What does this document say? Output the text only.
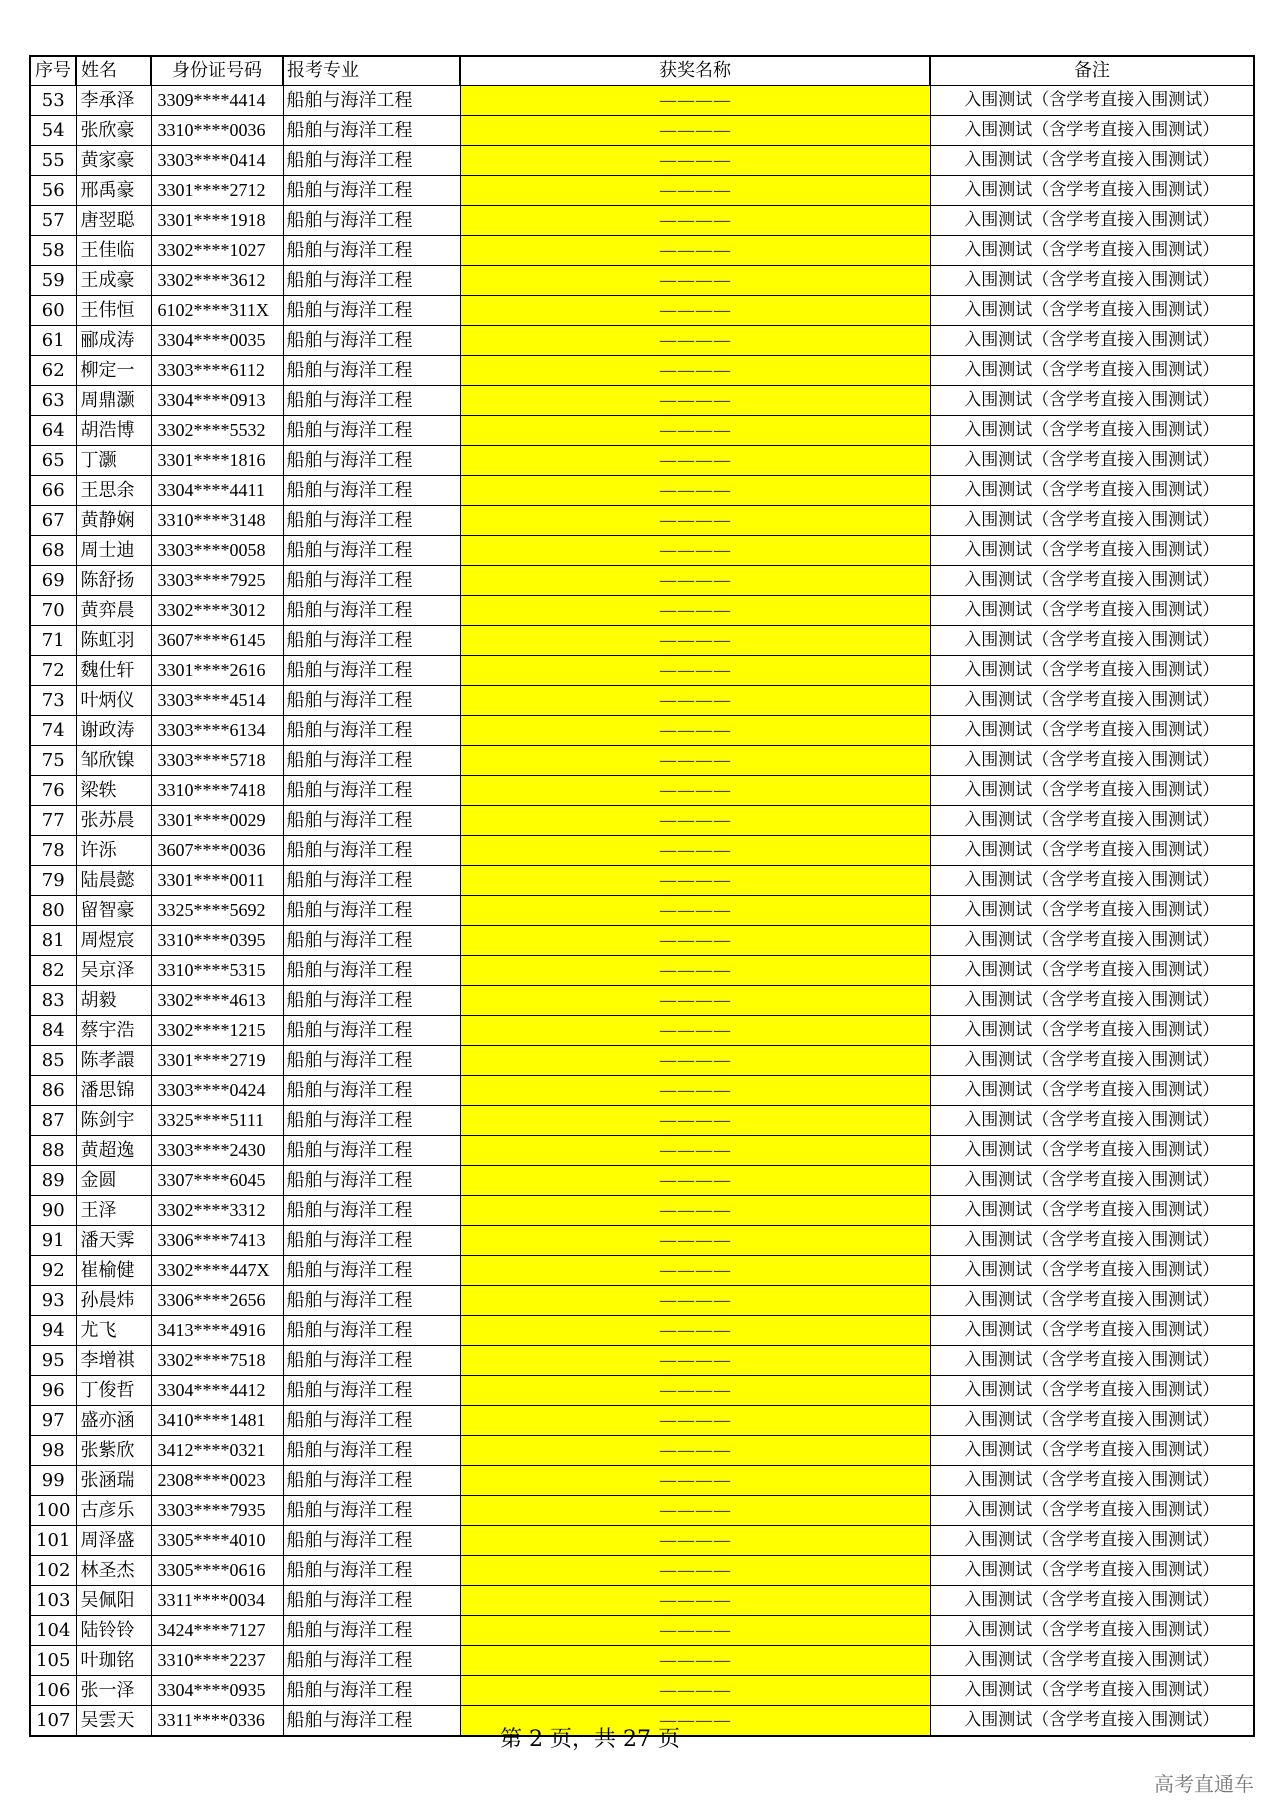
序号	姓名	身份证号码	报考专业	获奖名称	备注
53	李承泽	3309****4414	船舶与海洋工程	————	入围测试（含学考直接入围测试）
54	张欣豪	3310****0036	船舶与海洋工程	————	入围测试（含学考直接入围测试）
55	黄家豪	3303****0414	船舶与海洋工程	————	入围测试（含学考直接入围测试）
56	邢禹豪	3301****2712	船舶与海洋工程	————	入围测试（含学考直接入围测试）
57	唐翌聪	3301****1918	船舶与海洋工程	————	入围测试（含学考直接入围测试）
58	王佳临	3302****1027	船舶与海洋工程	————	入围测试（含学考直接入围测试）
59	王成豪	3302****3612	船舶与海洋工程	————	入围测试（含学考直接入围测试）
60	王伟恒	6102****311X	船舶与海洋工程	————	入围测试（含学考直接入围测试）
61	郦成涛	3304****0035	船舶与海洋工程	————	入围测试（含学考直接入围测试）
62	柳定一	3303****6112	船舶与海洋工程	————	入围测试（含学考直接入围测试）
63	周鼎灏	3304****0913	船舶与海洋工程	————	入围测试（含学考直接入围测试）
64	胡浩博	3302****5532	船舶与海洋工程	————	入围测试（含学考直接入围测试）
65	丁灏	3301****1816	船舶与海洋工程	————	入围测试（含学考直接入围测试）
66	王思余	3304****4411	船舶与海洋工程	————	入围测试（含学考直接入围测试）
67	黄静娴	3310****3148	船舶与海洋工程	————	入围测试（含学考直接入围测试）
68	周士迪	3303****0058	船舶与海洋工程	————	入围测试（含学考直接入围测试）
69	陈舒扬	3303****7925	船舶与海洋工程	————	入围测试（含学考直接入围测试）
70	黄弈晨	3302****3012	船舶与海洋工程	————	入围测试（含学考直接入围测试）
71	陈虹羽	3607****6145	船舶与海洋工程	————	入围测试（含学考直接入围测试）
72	魏仕轩	3301****2616	船舶与海洋工程	————	入围测试（含学考直接入围测试）
73	叶炳仪	3303****4514	船舶与海洋工程	————	入围测试（含学考直接入围测试）
74	谢政涛	3303****6134	船舶与海洋工程	————	入围测试（含学考直接入围测试）
75	邹欣镍	3303****5718	船舶与海洋工程	————	入围测试（含学考直接入围测试）
76	梁轶	3310****7418	船舶与海洋工程	————	入围测试（含学考直接入围测试）
77	张苏晨	3301****0029	船舶与海洋工程	————	入围测试（含学考直接入围测试）
78	许泺	3607****0036	船舶与海洋工程	————	入围测试（含学考直接入围测试）
79	陆晨懿	3301****0011	船舶与海洋工程	————	入围测试（含学考直接入围测试）
80	留智豪	3325****5692	船舶与海洋工程	————	入围测试（含学考直接入围测试）
81	周煜宸	3310****0395	船舶与海洋工程	————	入围测试（含学考直接入围测试）
82	吴京泽	3310****5315	船舶与海洋工程	————	入围测试（含学考直接入围测试）
83	胡毅	3302****4613	船舶与海洋工程	————	入围测试（含学考直接入围测试）
84	蔡宇浩	3302****1215	船舶与海洋工程	————	入围测试（含学考直接入围测试）
85	陈孝譞	3301****2719	船舶与海洋工程	————	入围测试（含学考直接入围测试）
86	潘思锦	3303****0424	船舶与海洋工程	————	入围测试（含学考直接入围测试）
87	陈剑宇	3325****5111	船舶与海洋工程	————	入围测试（含学考直接入围测试）
88	黄超逸	3303****2430	船舶与海洋工程	————	入围测试（含学考直接入围测试）
89	金圆	3307****6045	船舶与海洋工程	————	入围测试（含学考直接入围测试）
90	王泽	3302****3312	船舶与海洋工程	————	入围测试（含学考直接入围测试）
91	潘天霁	3306****7413	船舶与海洋工程	————	入围测试（含学考直接入围测试）
92	崔榆健	3302****447X	船舶与海洋工程	————	入围测试（含学考直接入围测试）
93	孙晨炜	3306****2656	船舶与海洋工程	————	入围测试（含学考直接入围测试）
94	尤飞	3413****4916	船舶与海洋工程	————	入围测试（含学考直接入围测试）
95	李增祺	3302****7518	船舶与海洋工程	————	入围测试（含学考直接入围测试）
96	丁俊哲	3304****4412	船舶与海洋工程	————	入围测试（含学考直接入围测试）
97	盛亦涵	3410****1481	船舶与海洋工程	————	入围测试（含学考直接入围测试）
98	张紫欣	3412****0321	船舶与海洋工程	————	入围测试（含学考直接入围测试）
99	张涵瑞	2308****0023	船舶与海洋工程	————	入围测试（含学考直接入围测试）
100	古彦乐	3303****7935	船舶与海洋工程	————	入围测试（含学考直接入围测试）
101	周泽盛	3305****4010	船舶与海洋工程	————	入围测试（含学考直接入围测试）
102	林圣杰	3305****0616	船舶与海洋工程	————	入围测试（含学考直接入围测试）
103	吴佩阳	3311****0034	船舶与海洋工程	————	入围测试（含学考直接入围测试）
104	陆铃铃	3424****7127	船舶与海洋工程	————	入围测试（含学考直接入围测试）
105	叶珈铭	3310****2237	船舶与海洋工程	————	入围测试（含学考直接入围测试）
106	张一泽	3304****0935	船舶与海洋工程	————	入围测试（含学考直接入围测试）
107	吴雲天	3311****0336	船舶与海洋工程	————	入围测试（含学考直接入围测试）
第 2 页，共 27 页
高考直通车
